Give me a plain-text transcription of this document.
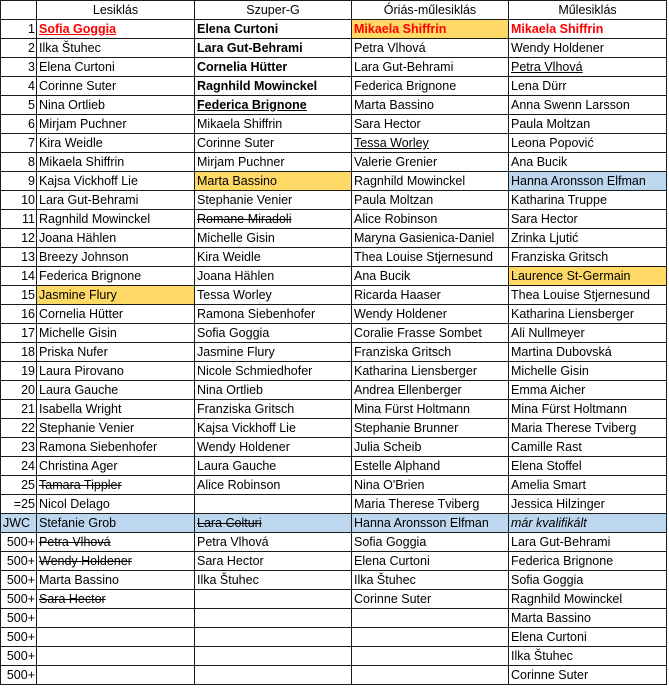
	Lesiklás	Szuper-G	Óriás-műlesiklás	Műlesiklás
1	Sofia Goggia	Elena Curtoni	Mikaela Shiffrin	Mikaela Shiffrin
2	Ilka Štuhec	Lara Gut-Behrami	Petra Vlhová	Wendy Holdener
3	Elena Curtoni	Cornelia Hütter	Lara Gut-Behrami	Petra Vlhová
4	Corinne Suter	Ragnhild Mowinckel	Federica Brignone	Lena Dürr
5	Nina Ortlieb	Federica Brignone	Marta Bassino	Anna Swenn Larsson
6	Mirjam Puchner	Mikaela Shiffrin	Sara Hector	Paula Moltzan
7	Kira Weidle	Corinne Suter	Tessa Worley	Leona Popović
8	Mikaela Shiffrin	Mirjam Puchner	Valerie Grenier	Ana Bucik
9	Kajsa Vickhoff Lie	Marta Bassino	Ragnhild Mowinckel	Hanna Aronsson Elfman
10	Lara Gut-Behrami	Stephanie Venier	Paula Moltzan	Katharina Truppe
11	Ragnhild Mowinckel	Romane Miradoli	Alice Robinson	Sara Hector
12	Joana Hählen	Michelle Gisin	Maryna Gasienica-Daniel	Zrinka Ljutić
13	Breezy Johnson	Kira Weidle	Thea Louise Stjernesund	Franziska Gritsch
14	Federica Brignone	Joana Hählen	Ana Bucik	Laurence St-Germain
15	Jasmine Flury	Tessa Worley	Ricarda Haaser	Thea Louise Stjernesund
16	Cornelia Hütter	Ramona Siebenhofer	Wendy Holdener	Katharina Liensberger
17	Michelle Gisin	Sofia Goggia	Coralie Frasse Sombet	Ali Nullmeyer
18	Priska Nufer	Jasmine Flury	Franziska Gritsch	Martina Dubovská
19	Laura Pirovano	Nicole Schmiedhofer	Katharina Liensberger	Michelle Gisin
20	Laura Gauche	Nina Ortlieb	Andrea Ellenberger	Emma Aicher
21	Isabella Wright	Franziska Gritsch	Mina Fürst Holtmann	Mina Fürst Holtmann
22	Stephanie Venier	Kajsa Vickhoff Lie	Stephanie Brunner	Maria Therese Tviberg
23	Ramona Siebenhofer	Wendy Holdener	Julia Scheib	Camille Rast
24	Christina Ager	Laura Gauche	Estelle Alphand	Elena Stoffel
25	Tamara Tippler	Alice Robinson	Nina O'Brien	Amelia Smart
=25	Nicol Delago		Maria Therese Tviberg	Jessica Hilzinger
JWC	Stefanie Grob	Lara Colturi	Hanna Aronsson Elfman	már kvalifikált
500+	Petra Vlhová	Petra Vlhová	Sofia Goggia	Lara Gut-Behrami
500+	Wendy Holdener	Sara Hector	Elena Curtoni	Federica Brignone
500+	Marta Bassino	Ilka Štuhec	Ilka Štuhec	Sofia Goggia
500+	Sara Hector		Corinne Suter	Ragnhild Mowinckel
500+				Marta Bassino
500+				Elena Curtoni
500+				Ilka Štuhec
500+				Corinne Suter
